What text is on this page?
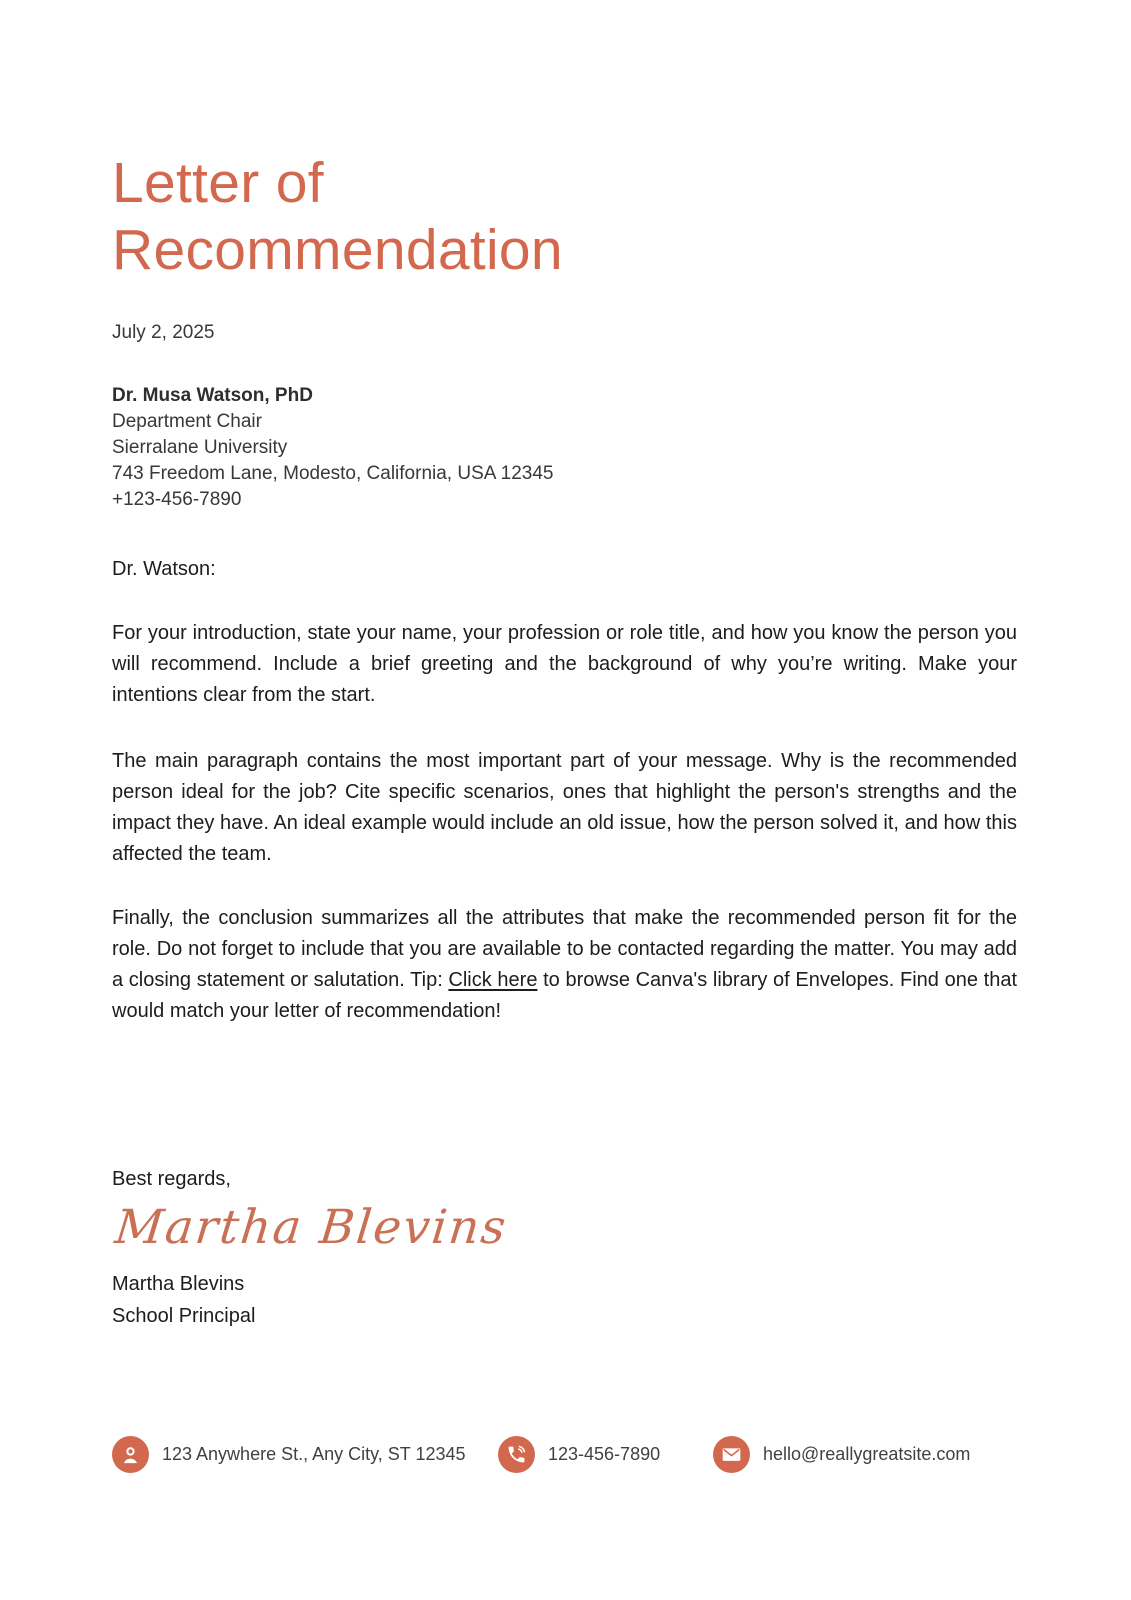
Letter of
Recommendation
July 2, 2025
Dr. Musa Watson, PhD
Department Chair
Sierralane University
743 Freedom Lane, Modesto, California, USA 12345
+123-456-7890
Dr. Watson:

For your introduction, state your name, your profession or role title, and how you know the person you will recommend. Include a brief greeting and the background of why you’re writing. Make your intentions clear from the start.

The main paragraph contains the most important part of your message. Why is the recommended person ideal for the job? Cite specific scenarios, ones that highlight the person's strengths and the impact they have. An ideal example would include an old issue, how the person solved it, and how this affected the team.

Finally, the conclusion summarizes all the attributes that make the recommended person fit for the role. Do not forget to include that you are available to be contacted regarding the matter. You may add a closing statement or salutation. Tip: Click here to browse Canva's library of Envelopes. Find one that would match your letter of recommendation!

Best regards,
Martha Blevins
Martha Blevins
School Principal
123 Anywhere St., Any City, ST 12345	123-456-7890	hello@reallygreatsite.com
